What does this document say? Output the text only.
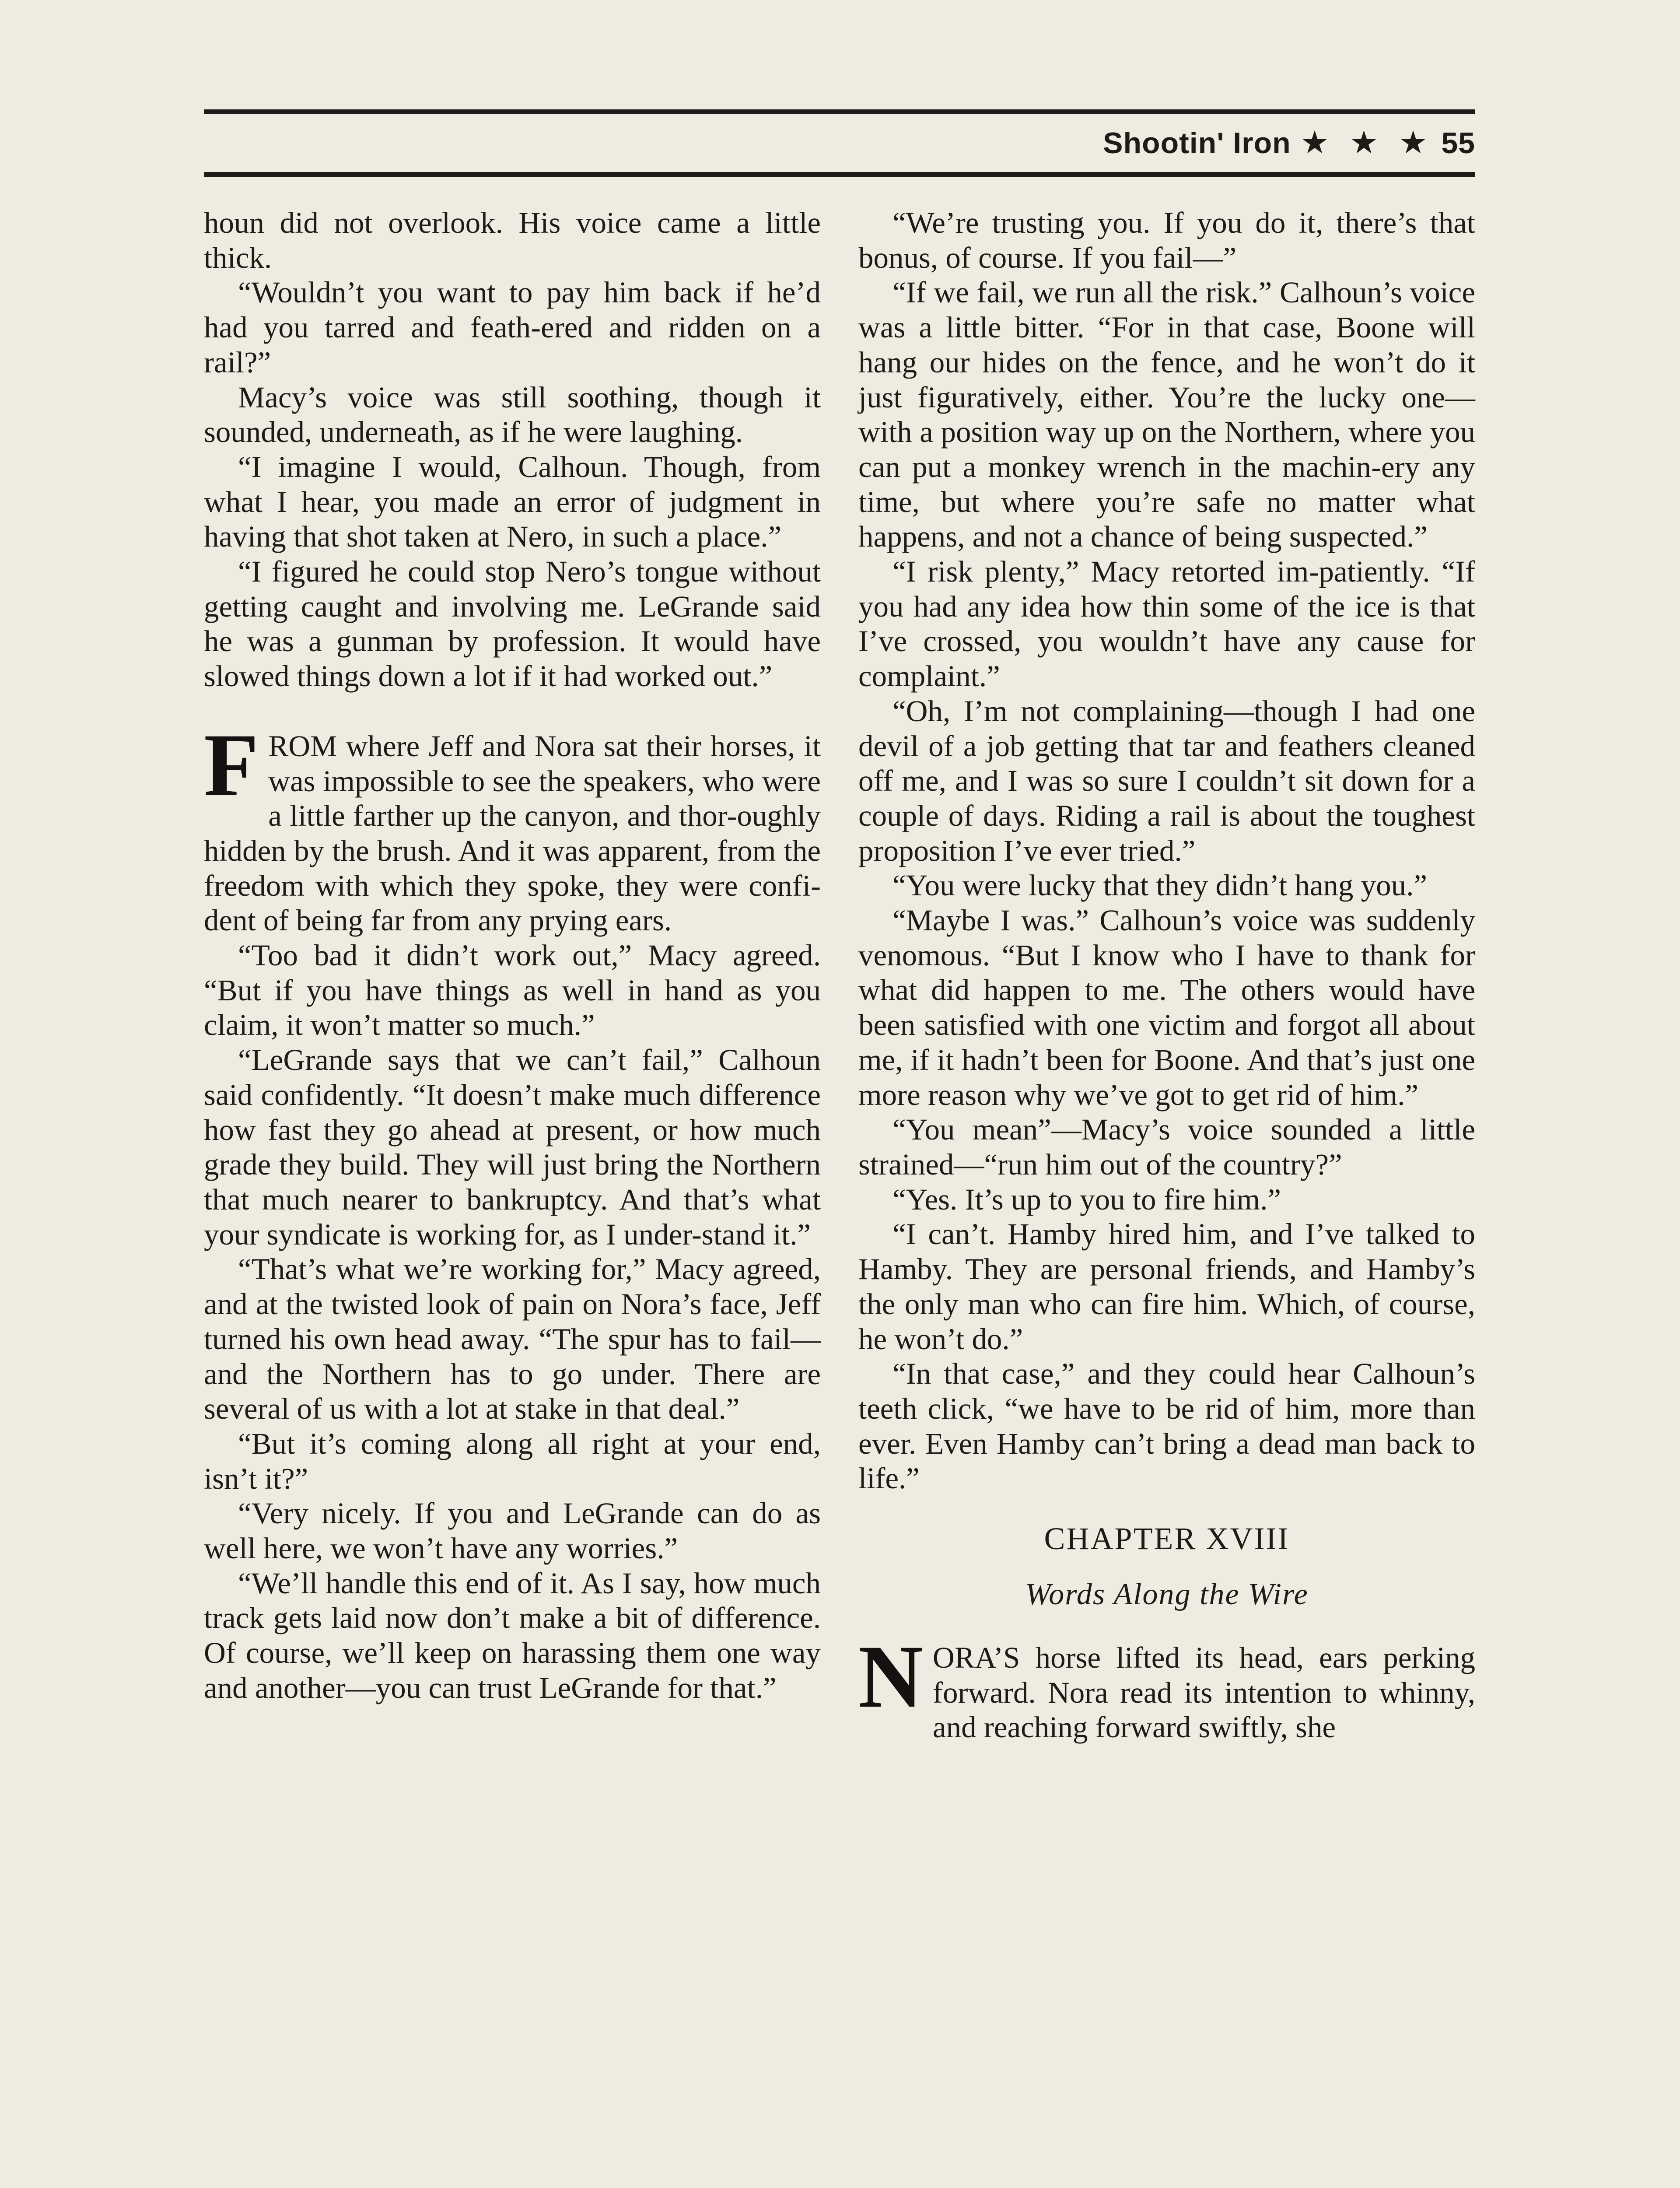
Shootin' Iron ★ ★ ★ 55

houn did not overlook. His voice came a little thick.

“Wouldn’t you want to pay him back if he’d had you tarred and feath-ered and ridden on a rail?”

Macy’s voice was still soothing, though it sounded, underneath, as if he were laughing.

“I imagine I would, Calhoun. Though, from what I hear, you made an error of judgment in having that shot taken at Nero, in such a place.”

“I figured he could stop Nero’s tongue without getting caught and involving me. LeGrande said he was a gunman by profession. It would have slowed things down a lot if it had worked out.”

FROM where Jeff and Nora sat their horses, it was impossible to see the speakers, who were a little farther up the canyon, and thor-oughly hidden by the brush. And it was apparent, from the freedom with which they spoke, they were confi-dent of being far from any prying ears.

“Too bad it didn’t work out,” Macy agreed. “But if you have things as well in hand as you claim, it won’t matter so much.”

“LeGrande says that we can’t fail,” Calhoun said confidently. “It doesn’t make much difference how fast they go ahead at present, or how much grade they build. They will just bring the Northern that much nearer to bankruptcy. And that’s what your syndicate is working for, as I under-stand it.”

“That’s what we’re working for,” Macy agreed, and at the twisted look of pain on Nora’s face, Jeff turned his own head away. “The spur has to fail—and the Northern has to go under. There are several of us with a lot at stake in that deal.”

“But it’s coming along all right at your end, isn’t it?”

“Very nicely. If you and LeGrande can do as well here, we won’t have any worries.”

“We’ll handle this end of it. As I say, how much track gets laid now don’t make a bit of difference. Of course, we’ll keep on harassing them one way and another—you can trust LeGrande for that.”

“We’re trusting you. If you do it, there’s that bonus, of course. If you fail—”

“If we fail, we run all the risk.” Calhoun’s voice was a little bitter. “For in that case, Boone will hang our hides on the fence, and he won’t do it just figuratively, either. You’re the lucky one—with a position way up on the Northern, where you can put a monkey wrench in the machin-ery any time, but where you’re safe no matter what happens, and not a chance of being suspected.”

“I risk plenty,” Macy retorted im-patiently. “If you had any idea how thin some of the ice is that I’ve crossed, you wouldn’t have any cause for complaint.”

“Oh, I’m not complaining—though I had one devil of a job getting that tar and feathers cleaned off me, and I was so sure I couldn’t sit down for a couple of days. Riding a rail is about the toughest proposition I’ve ever tried.”

“You were lucky that they didn’t hang you.”

“Maybe I was.” Calhoun’s voice was suddenly venomous. “But I know who I have to thank for what did happen to me. The others would have been satisfied with one victim and forgot all about me, if it hadn’t been for Boone. And that’s just one more reason why we’ve got to get rid of him.”

“You mean”—Macy’s voice sounded a little strained—“run him out of the country?”

“Yes. It’s up to you to fire him.”

“I can’t. Hamby hired him, and I’ve talked to Hamby. They are personal friends, and Hamby’s the only man who can fire him. Which, of course, he won’t do.”

“In that case,” and they could hear Calhoun’s teeth click, “we have to be rid of him, more than ever. Even Hamby can’t bring a dead man back to life.”

CHAPTER XVIII
Words Along the Wire

NORA’S horse lifted its head, ears perking forward. Nora read its intention to whinny, and reaching forward swiftly, she
